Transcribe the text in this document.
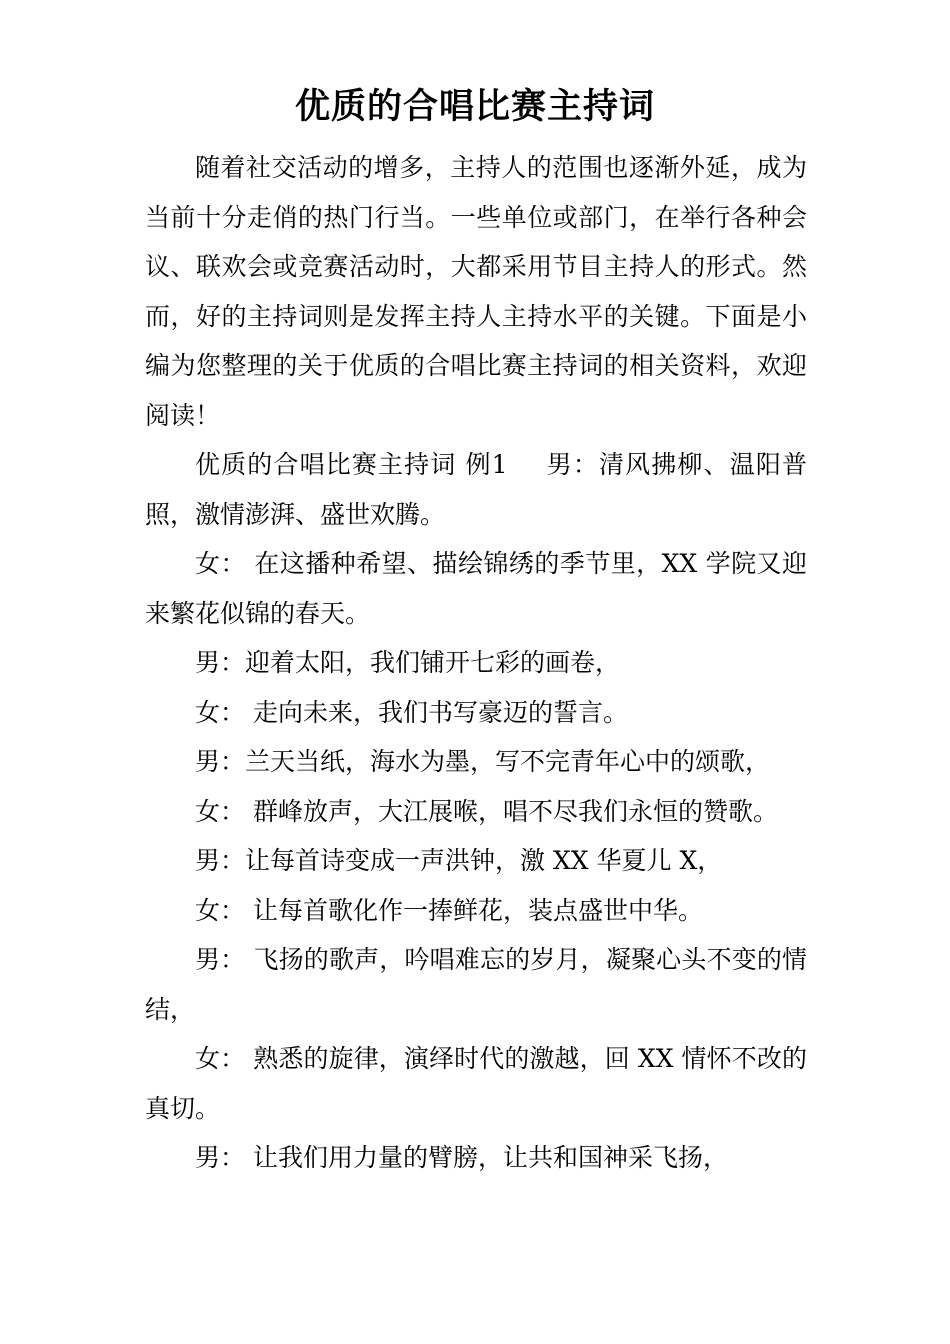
优质的合唱比赛主持词

随着社交活动的增多，主持人的范围也逐渐外延，成为当前十分走俏的热门行当。一些单位或部门，在举行各种会议、联欢会或竞赛活动时，大都采用节目主持人的形式。然而，好的主持词则是发挥主持人主持水平的关键。下面是小编为您整理的关于优质的合唱比赛主持词的相关资料，欢迎阅读！

优质的合唱比赛主持词 例1 男：清风拂柳、温阳普照，激情澎湃、盛世欢腾。

女： 在这播种希望、描绘锦绣的季节里，XX 学院又迎来繁花似锦的春天。

男：迎着太阳，我们铺开七彩的画卷，

女： 走向未来，我们书写豪迈的誓言。

男：兰天当纸，海水为墨，写不完青年心中的颂歌，

女： 群峰放声，大江展喉，唱不尽我们永恒的赞歌。

男：让每首诗变成一声洪钟，激 XX 华夏儿 X，

女： 让每首歌化作一捧鲜花，装点盛世中华。

男： 飞扬的歌声，吟唱难忘的岁月，凝聚心头不变的情结，

女： 熟悉的旋律，演绎时代的激越，回 XX 情怀不改的真切。

男： 让我们用力量的臂膀，让共和国神采飞扬，
